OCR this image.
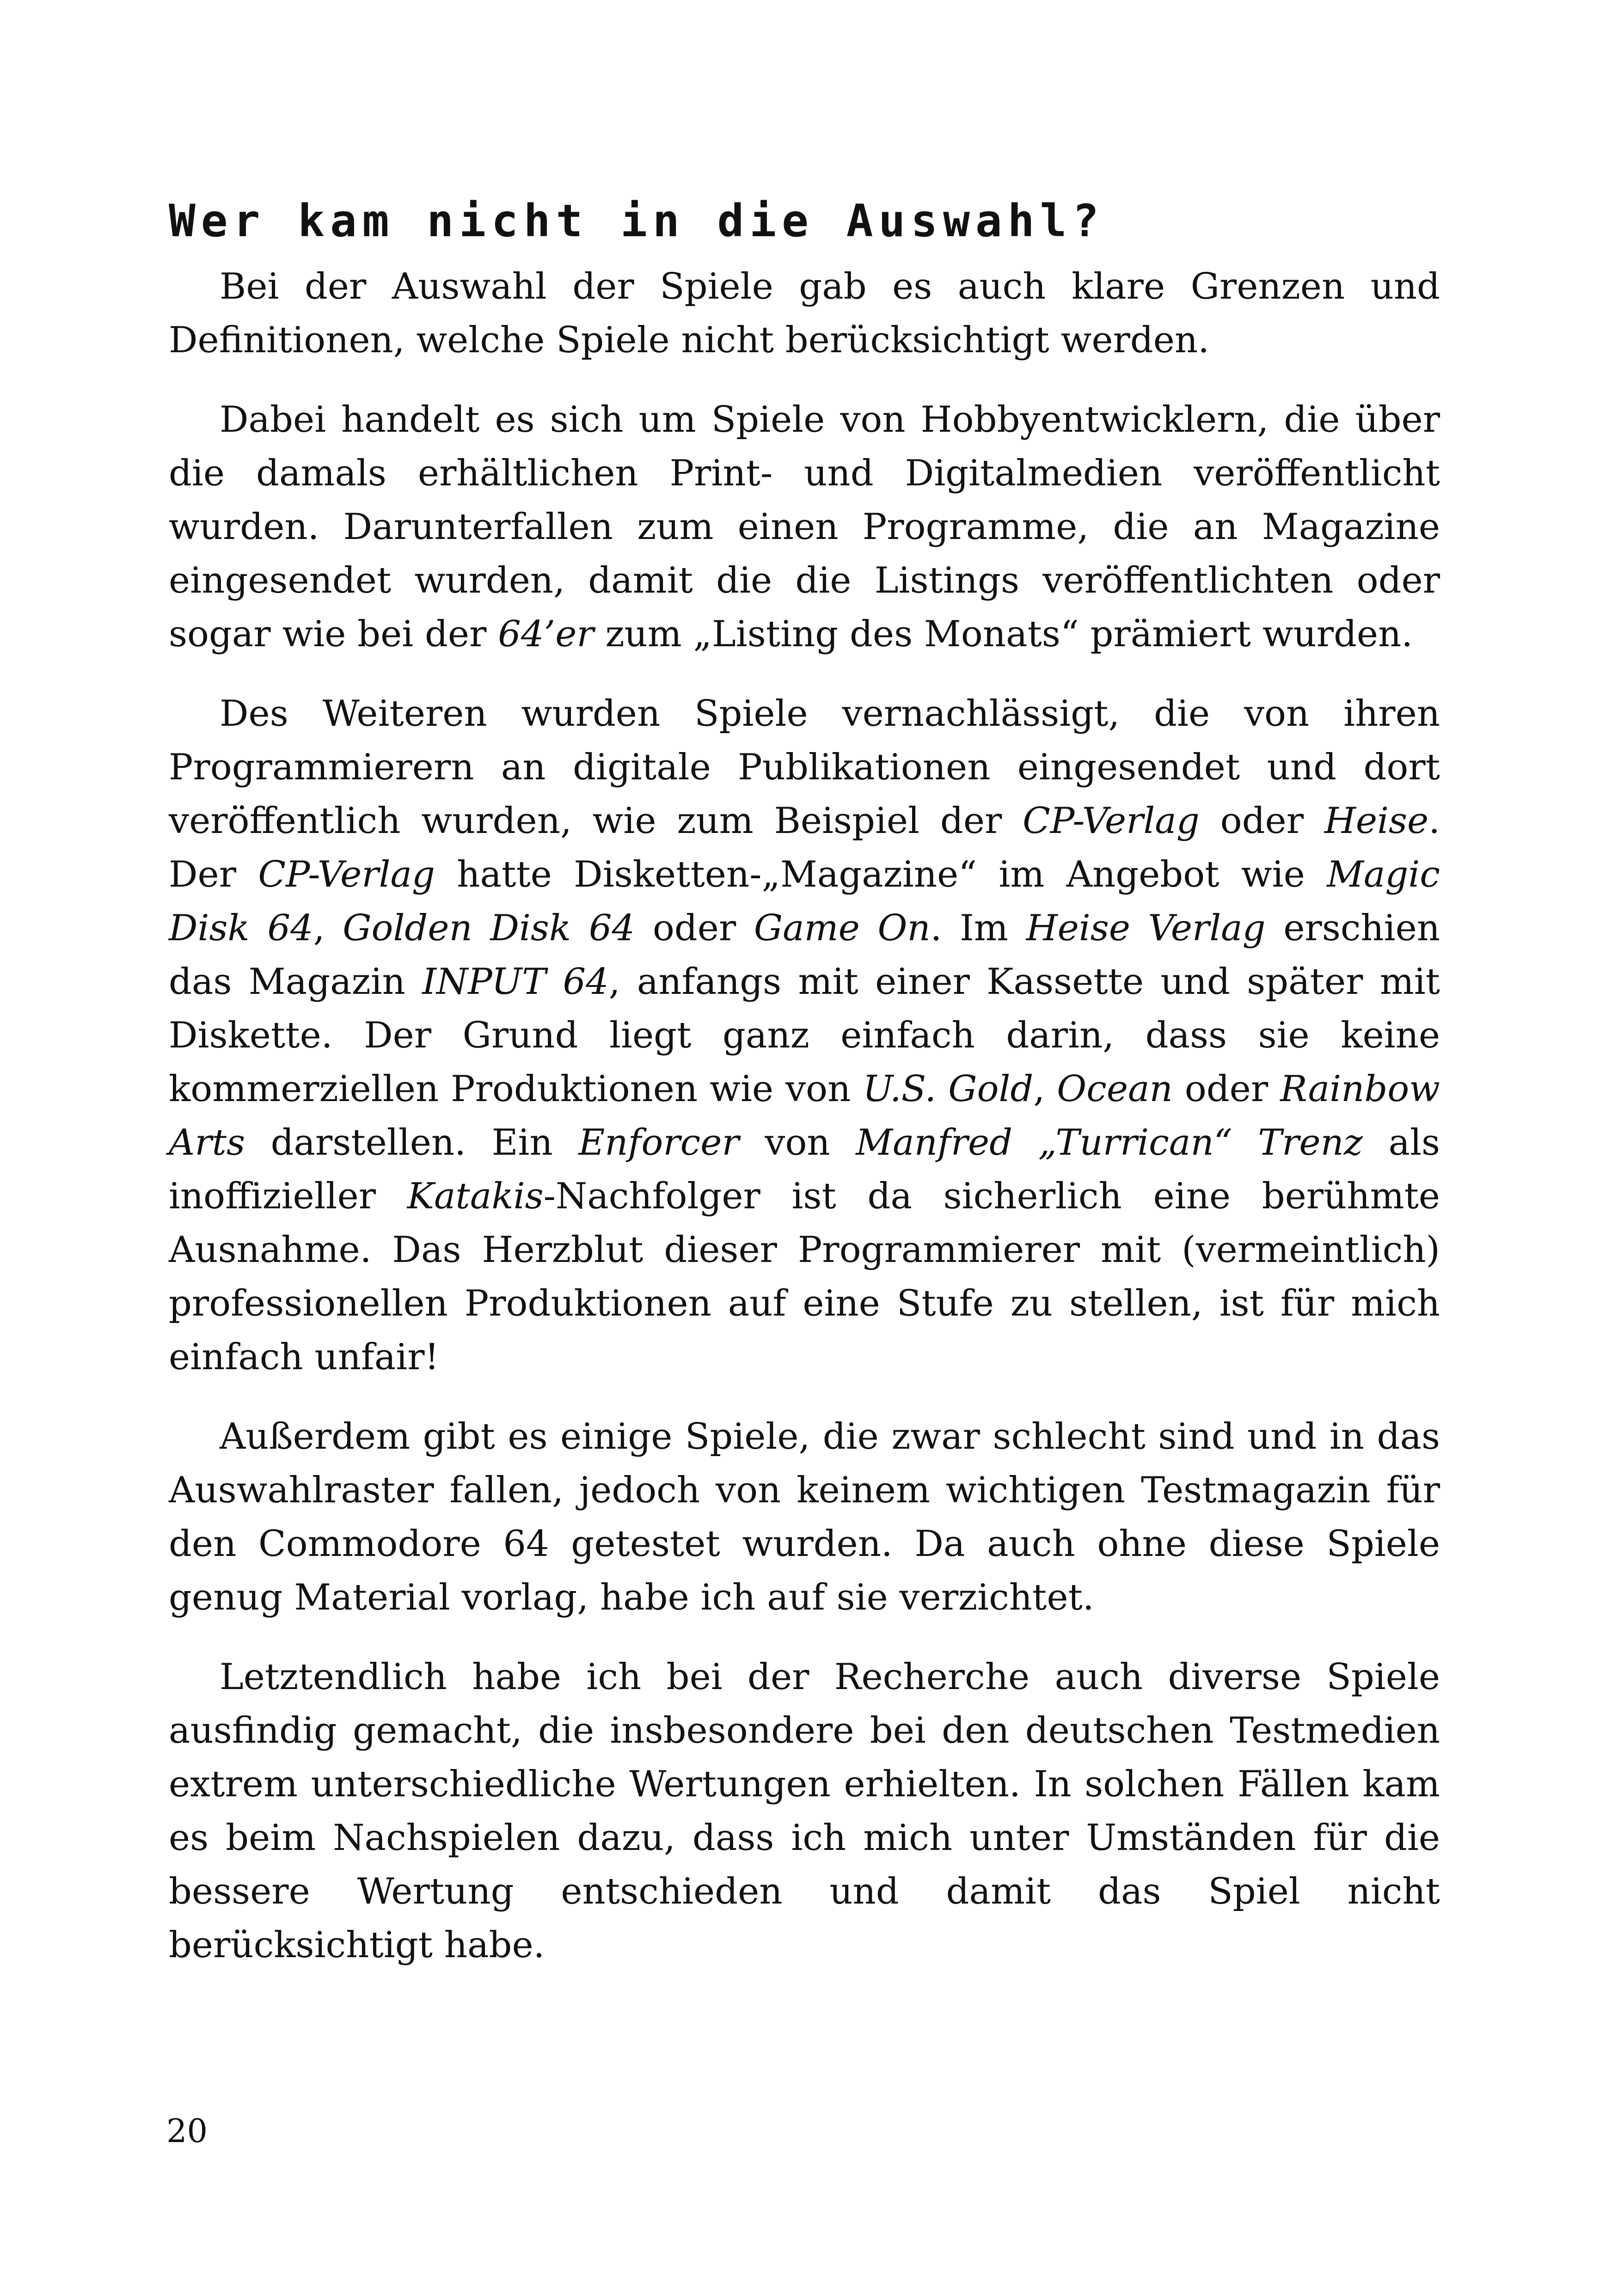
Wer kam nicht in die Auswahl?

Bei der Auswahl der Spiele gab es auch klare Grenzen und Definitionen, welche Spiele nicht berücksichtigt werden.

Dabei handelt es sich um Spiele von Hobbyentwicklern, die über die damals erhältlichen Print- und Digitalmedien veröffentlicht wurden. Darunterfallen zum einen Programme, die an Magazine eingesendet wurden, damit die die Listings veröffentlichten oder sogar wie bei der 64’er zum „Listing des Monats“ prämiert wurden.

Des Weiteren wurden Spiele vernachlässigt, die von ihren Programmierern an digitale Publikationen eingesendet und dort veröffentlich wurden, wie zum Beispiel der CP-Verlag oder Heise. Der CP-Verlag hatte Disketten-„Magazine“ im Angebot wie Magic Disk 64, Golden Disk 64 oder Game On. Im Heise Verlag erschien das Magazin INPUT 64, anfangs mit einer Kassette und später mit Diskette. Der Grund liegt ganz einfach darin, dass sie keine kommerziellen Produktionen wie von U.S. Gold, Ocean oder Rainbow Arts darstellen. Ein Enforcer von Manfred „Turrican“ Trenz als inoffizieller Katakis-Nachfolger ist da sicherlich eine berühmte Ausnahme. Das Herzblut dieser Programmierer mit (vermeintlich) professionellen Produktionen auf eine Stufe zu stellen, ist für mich einfach unfair!

Außerdem gibt es einige Spiele, die zwar schlecht sind und in das Auswahlraster fallen, jedoch von keinem wichtigen Testmagazin für den Commodore 64 getestet wurden. Da auch ohne diese Spiele genug Material vorlag, habe ich auf sie verzichtet.

Letztendlich habe ich bei der Recherche auch diverse Spiele ausfindig gemacht, die insbesondere bei den deutschen Testmedien extrem unterschiedliche Wertungen erhielten. In solchen Fällen kam es beim Nachspielen dazu, dass ich mich unter Umständen für die bessere Wertung entschieden und damit das Spiel nicht berücksichtigt habe.

20
